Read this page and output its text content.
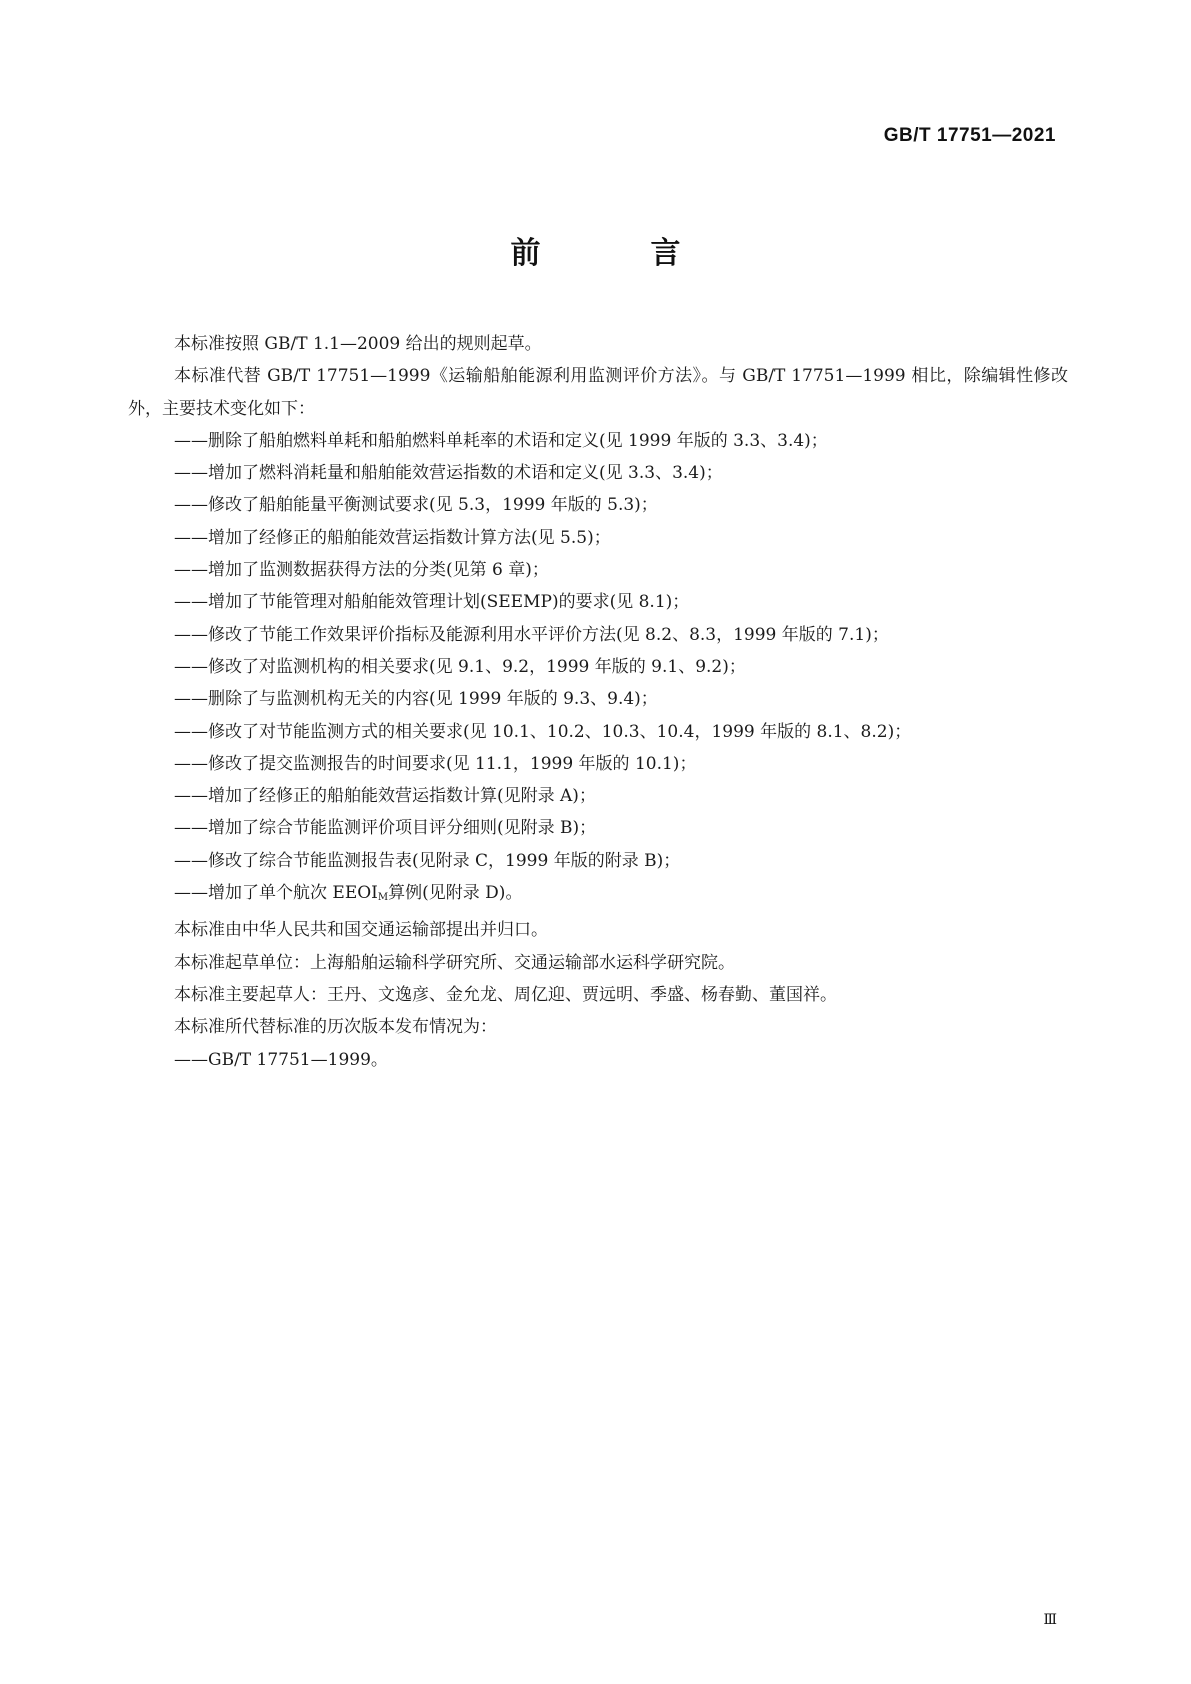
GB/T 17751—2021
前　言

本标准按照 GB/T 1.1—2009 给出的规则起草。

本标准代替 GB/T 17751—1999《运输船舶能源利用监测评价方法》。与 GB/T 17751—1999 相比，除编辑性修改外，主要技术变化如下：

——删除了船舶燃料单耗和船舶燃料单耗率的术语和定义(见 1999 年版的 3.3、3.4)；

——增加了燃料消耗量和船舶能效营运指数的术语和定义(见 3.3、3.4)；

——修改了船舶能量平衡测试要求(见 5.3，1999 年版的 5.3)；

——增加了经修正的船舶能效营运指数计算方法(见 5.5)；

——增加了监测数据获得方法的分类(见第 6 章)；

——增加了节能管理对船舶能效管理计划(SEEMP)的要求(见 8.1)；

——修改了节能工作效果评价指标及能源利用水平评价方法(见 8.2、8.3，1999 年版的 7.1)；

——修改了对监测机构的相关要求(见 9.1、9.2，1999 年版的 9.1、9.2)；

——删除了与监测机构无关的内容(见 1999 年版的 9.3、9.4)；

——修改了对节能监测方式的相关要求(见 10.1、10.2、10.3、10.4，1999 年版的 8.1、8.2)；

——修改了提交监测报告的时间要求(见 11.1，1999 年版的 10.1)；

——增加了经修正的船舶能效营运指数计算(见附录 A)；

——增加了综合节能监测评价项目评分细则(见附录 B)；

——修改了综合节能监测报告表(见附录 C，1999 年版的附录 B)；

——增加了单个航次 $EEOI_M$算例(见附录 D)。

本标准由中华人民共和国交通运输部提出并归口。

本标准起草单位：上海船舶运输科学研究所、交通运输部水运科学研究院。

本标准主要起草人：王丹、文逸彦、金允龙、周亿迎、贾远明、季盛、杨春勤、董国祥。

本标准所代替标准的历次版本发布情况为：

——GB/T 17751—1999。

Ⅲ
